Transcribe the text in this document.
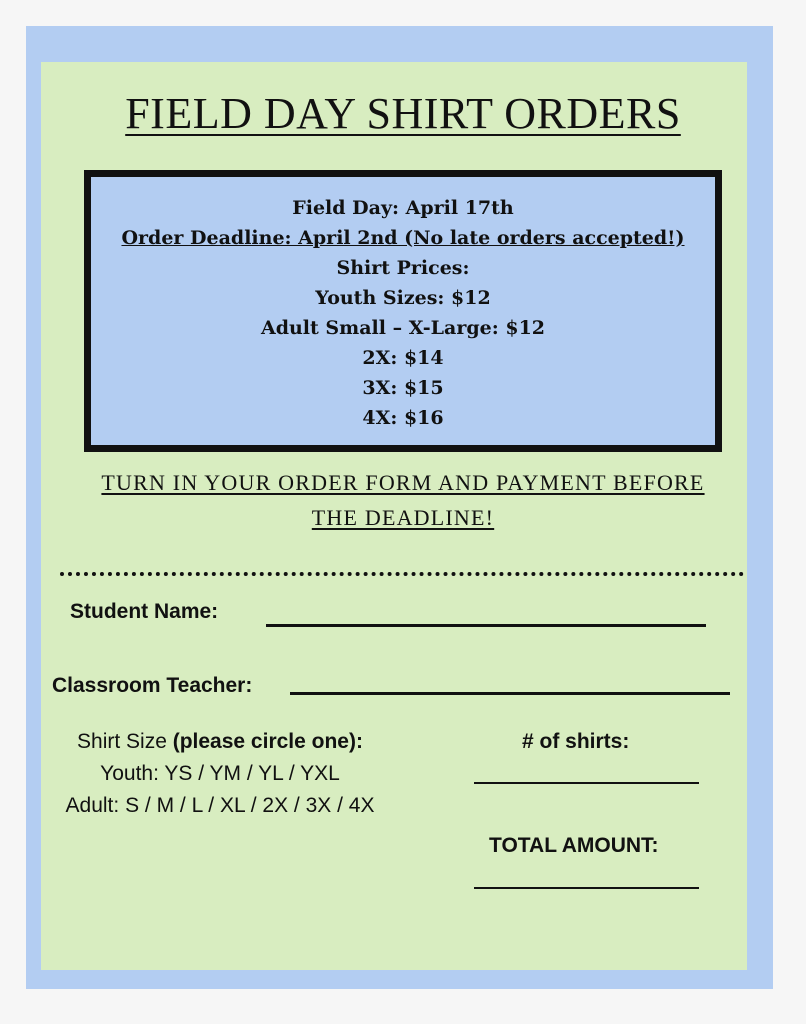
FIELD DAY SHIRT ORDERS
Field Day: April 17th
Order Deadline: April 2nd (No late orders accepted!)
Shirt Prices:
Youth Sizes: $12
Adult Small – X-Large: $12
2X: $14
3X: $15
4X: $16
TURN IN YOUR ORDER FORM AND PAYMENT BEFORE
THE DEADLINE!
Student Name:
Classroom Teacher:
Shirt Size (please circle one):
Youth: YS / YM / YL / YXL
Adult: S / M / L / XL / 2X / 3X / 4X
# of shirts:
TOTAL AMOUNT:
